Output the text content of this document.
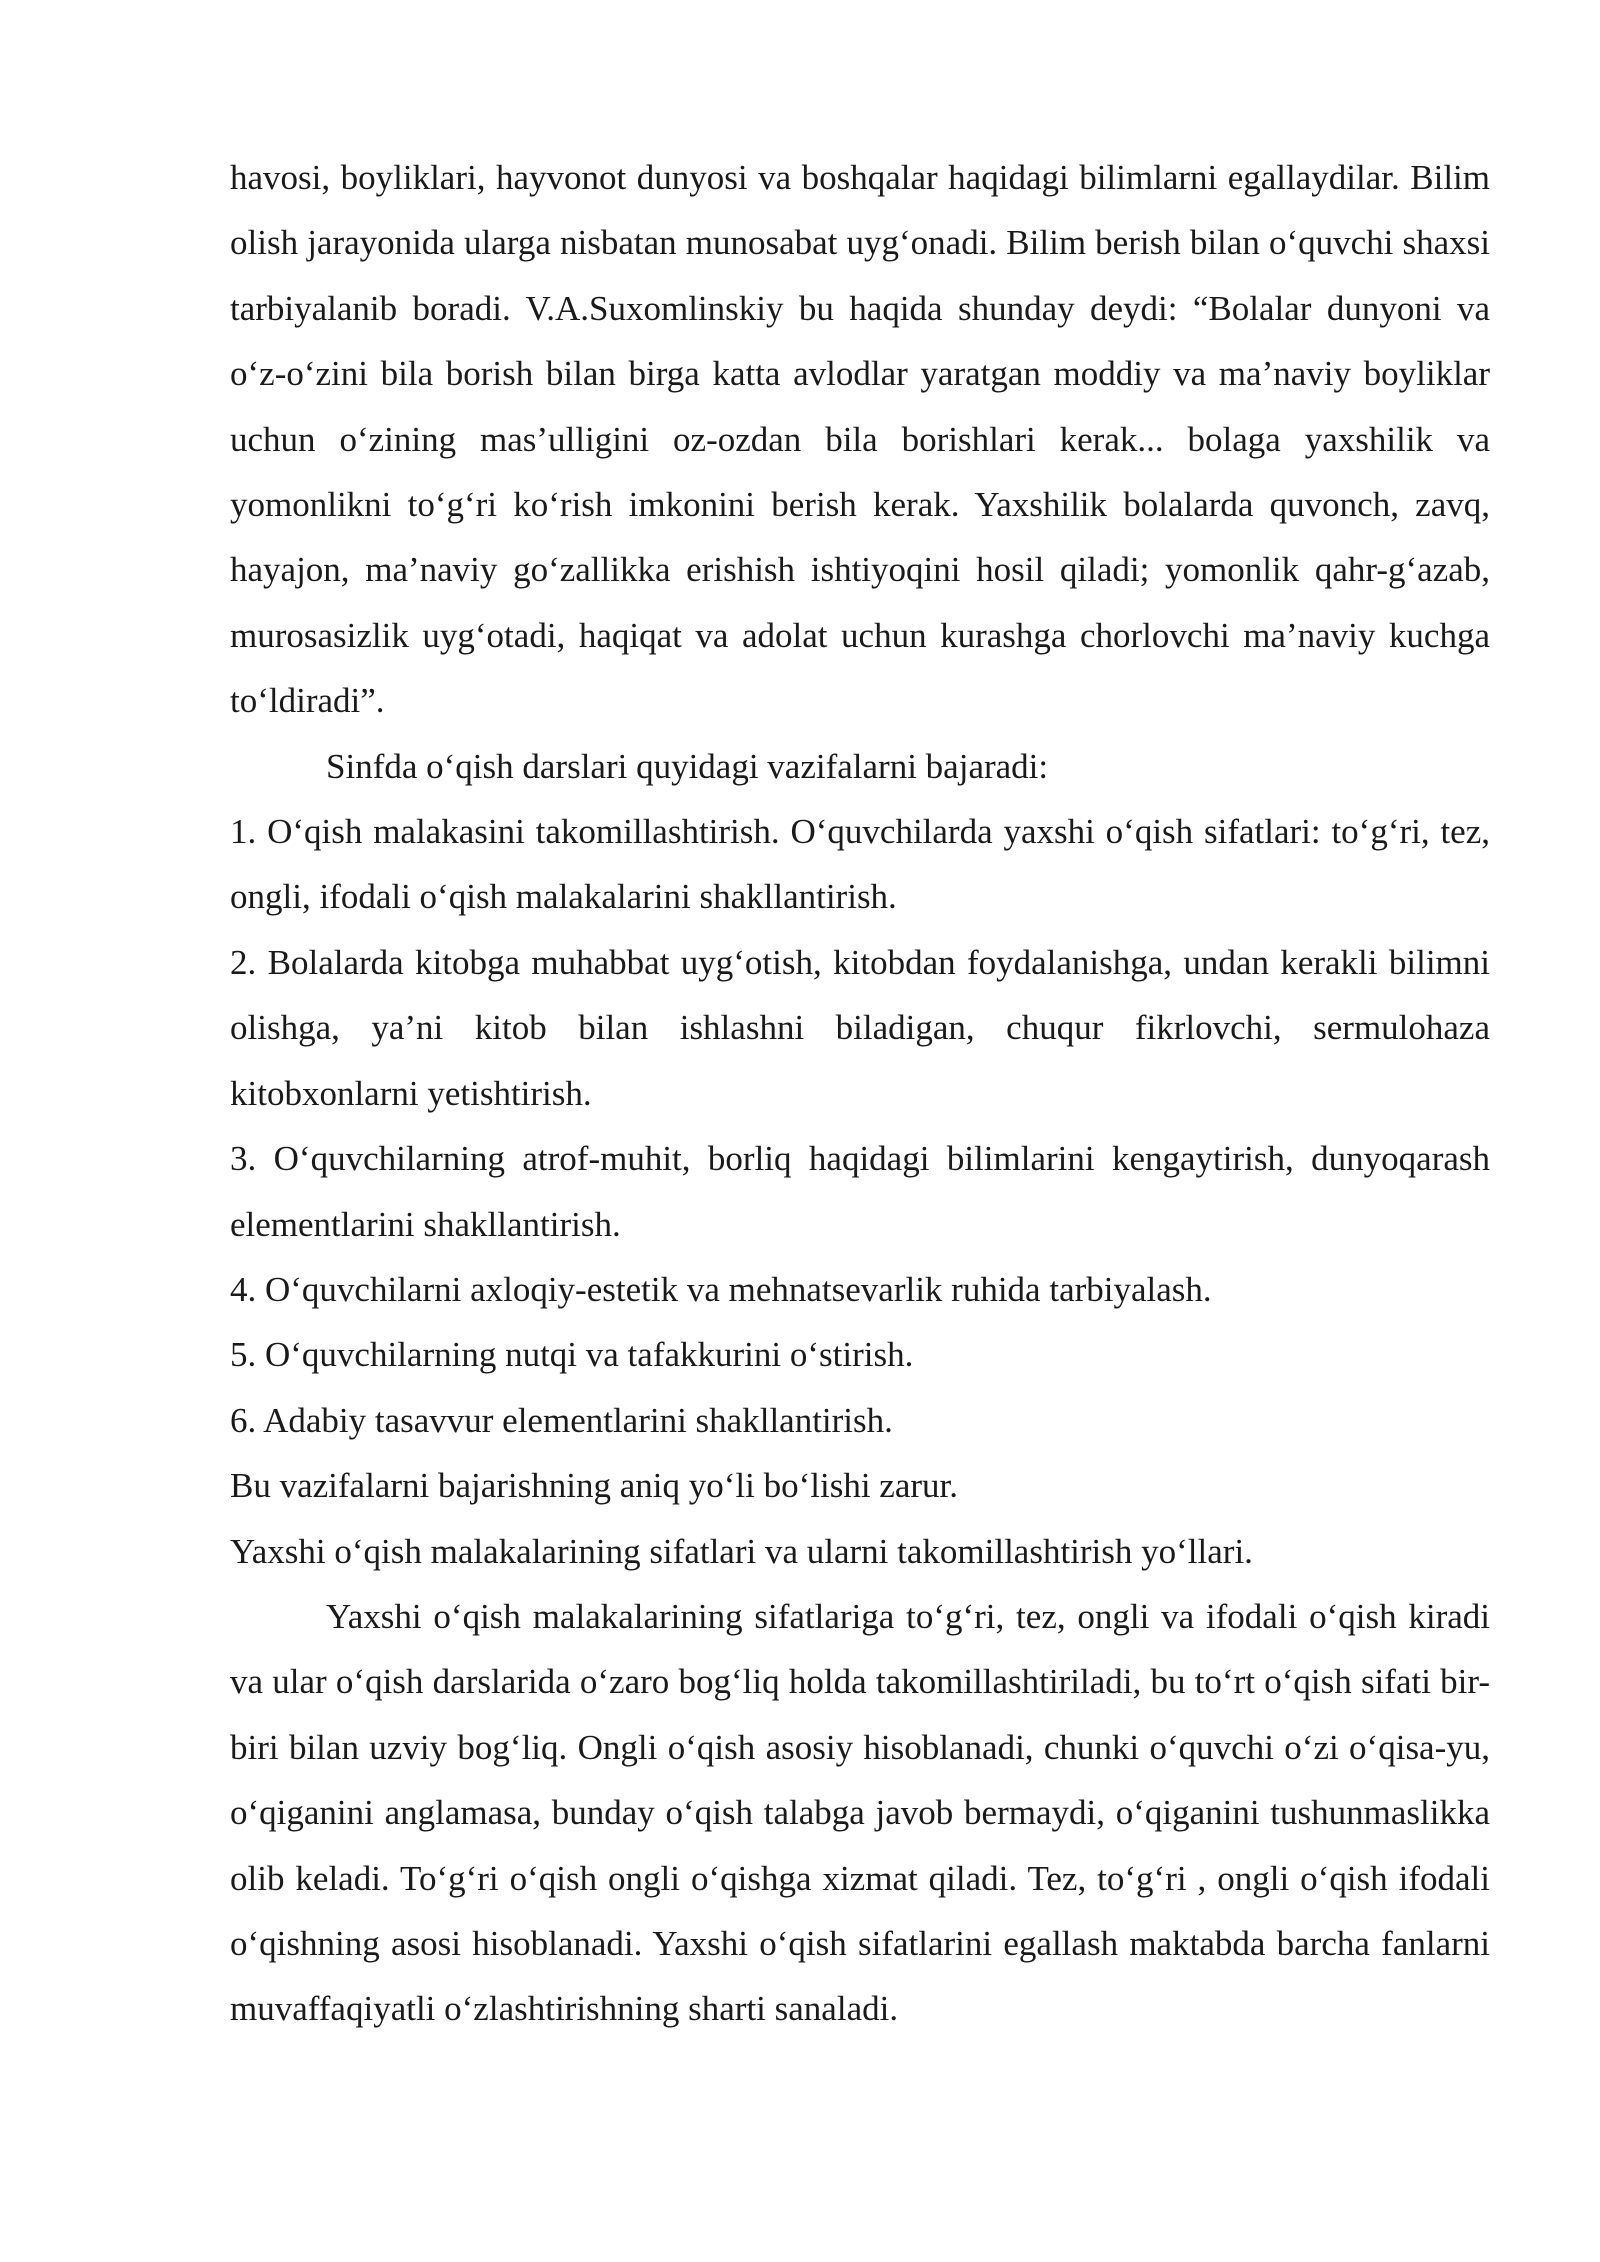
havosi, boyliklari, hayvonot dunyosi va boshqalar haqidagi bilimlarni egallaydilar. Bilim olish jarayonida ularga nisbatan munosabat uyg‘onadi. Bilim berish bilan o‘quvchi shaxsi tarbiyalanib boradi. V.A.Suxomlinskiy bu haqida shunday deydi: “Bolalar dunyoni va o‘z-o‘zini bila borish bilan birga katta avlodlar yaratgan moddiy va ma’naviy boyliklar uchun o‘zining mas’ulligini oz-ozdan bila borishlari kerak... bolaga yaxshilik va yomonlikni to‘g‘ri ko‘rish imkonini berish kerak. Yaxshilik bolalarda quvonch, zavq, hayajon, ma’naviy go‘zallikka erishish ishtiyoqini hosil qiladi; yomonlik qahr-g‘azab, murosasizlik uyg‘otadi, haqiqat va adolat uchun kurashga chorlovchi ma’naviy kuchga to‘ldiradi”.

Sinfda o‘qish darslari quyidagi vazifalarni bajaradi:

1. O‘qish malakasini takomillashtirish. O‘quvchilarda yaxshi o‘qish sifatlari: to‘g‘ri, tez, ongli, ifodali o‘qish malakalarini shakllantirish.

2. Bolalarda kitobga muhabbat uyg‘otish, kitobdan foydalanishga, undan kerakli bilimni olishga, ya’ni kitob bilan ishlashni biladigan, chuqur fikrlovchi, sermulohaza kitobxonlarni yetishtirish.

3. O‘quvchilarning atrof-muhit, borliq haqidagi bilimlarini kengaytirish, dunyoqarash elementlarini shakllantirish.

4. O‘quvchilarni axloqiy-estetik va mehnatsevarlik ruhida tarbiyalash.

5. O‘quvchilarning nutqi va tafakkurini o‘stirish.

6. Adabiy tasavvur elementlarini shakllantirish.

Bu vazifalarni bajarishning aniq yo‘li bo‘lishi zarur.

Yaxshi o‘qish malakalarining sifatlari va ularni takomillashtirish yo‘llari.

Yaxshi o‘qish malakalarining sifatlariga to‘g‘ri, tez, ongli va ifodali o‘qish kiradi va ular o‘qish darslarida o‘zaro bog‘liq holda takomillashtiriladi, bu to‘rt o‘qish sifati bir-biri bilan uzviy bog‘liq. Ongli o‘qish asosiy hisoblanadi, chunki o‘quvchi o‘zi o‘qisa-yu, o‘qiganini anglamasa, bunday o‘qish talabga javob bermaydi, o‘qiganini tushunmaslikka olib keladi. To‘g‘ri o‘qish ongli o‘qishga xizmat qiladi. Tez, to‘g‘ri , ongli o‘qish ifodali o‘qishning asosi hisoblanadi. Yaxshi o‘qish sifatlarini egallash maktabda barcha fanlarni muvaffaqiyatli o‘zlashtirishning sharti sanaladi.
